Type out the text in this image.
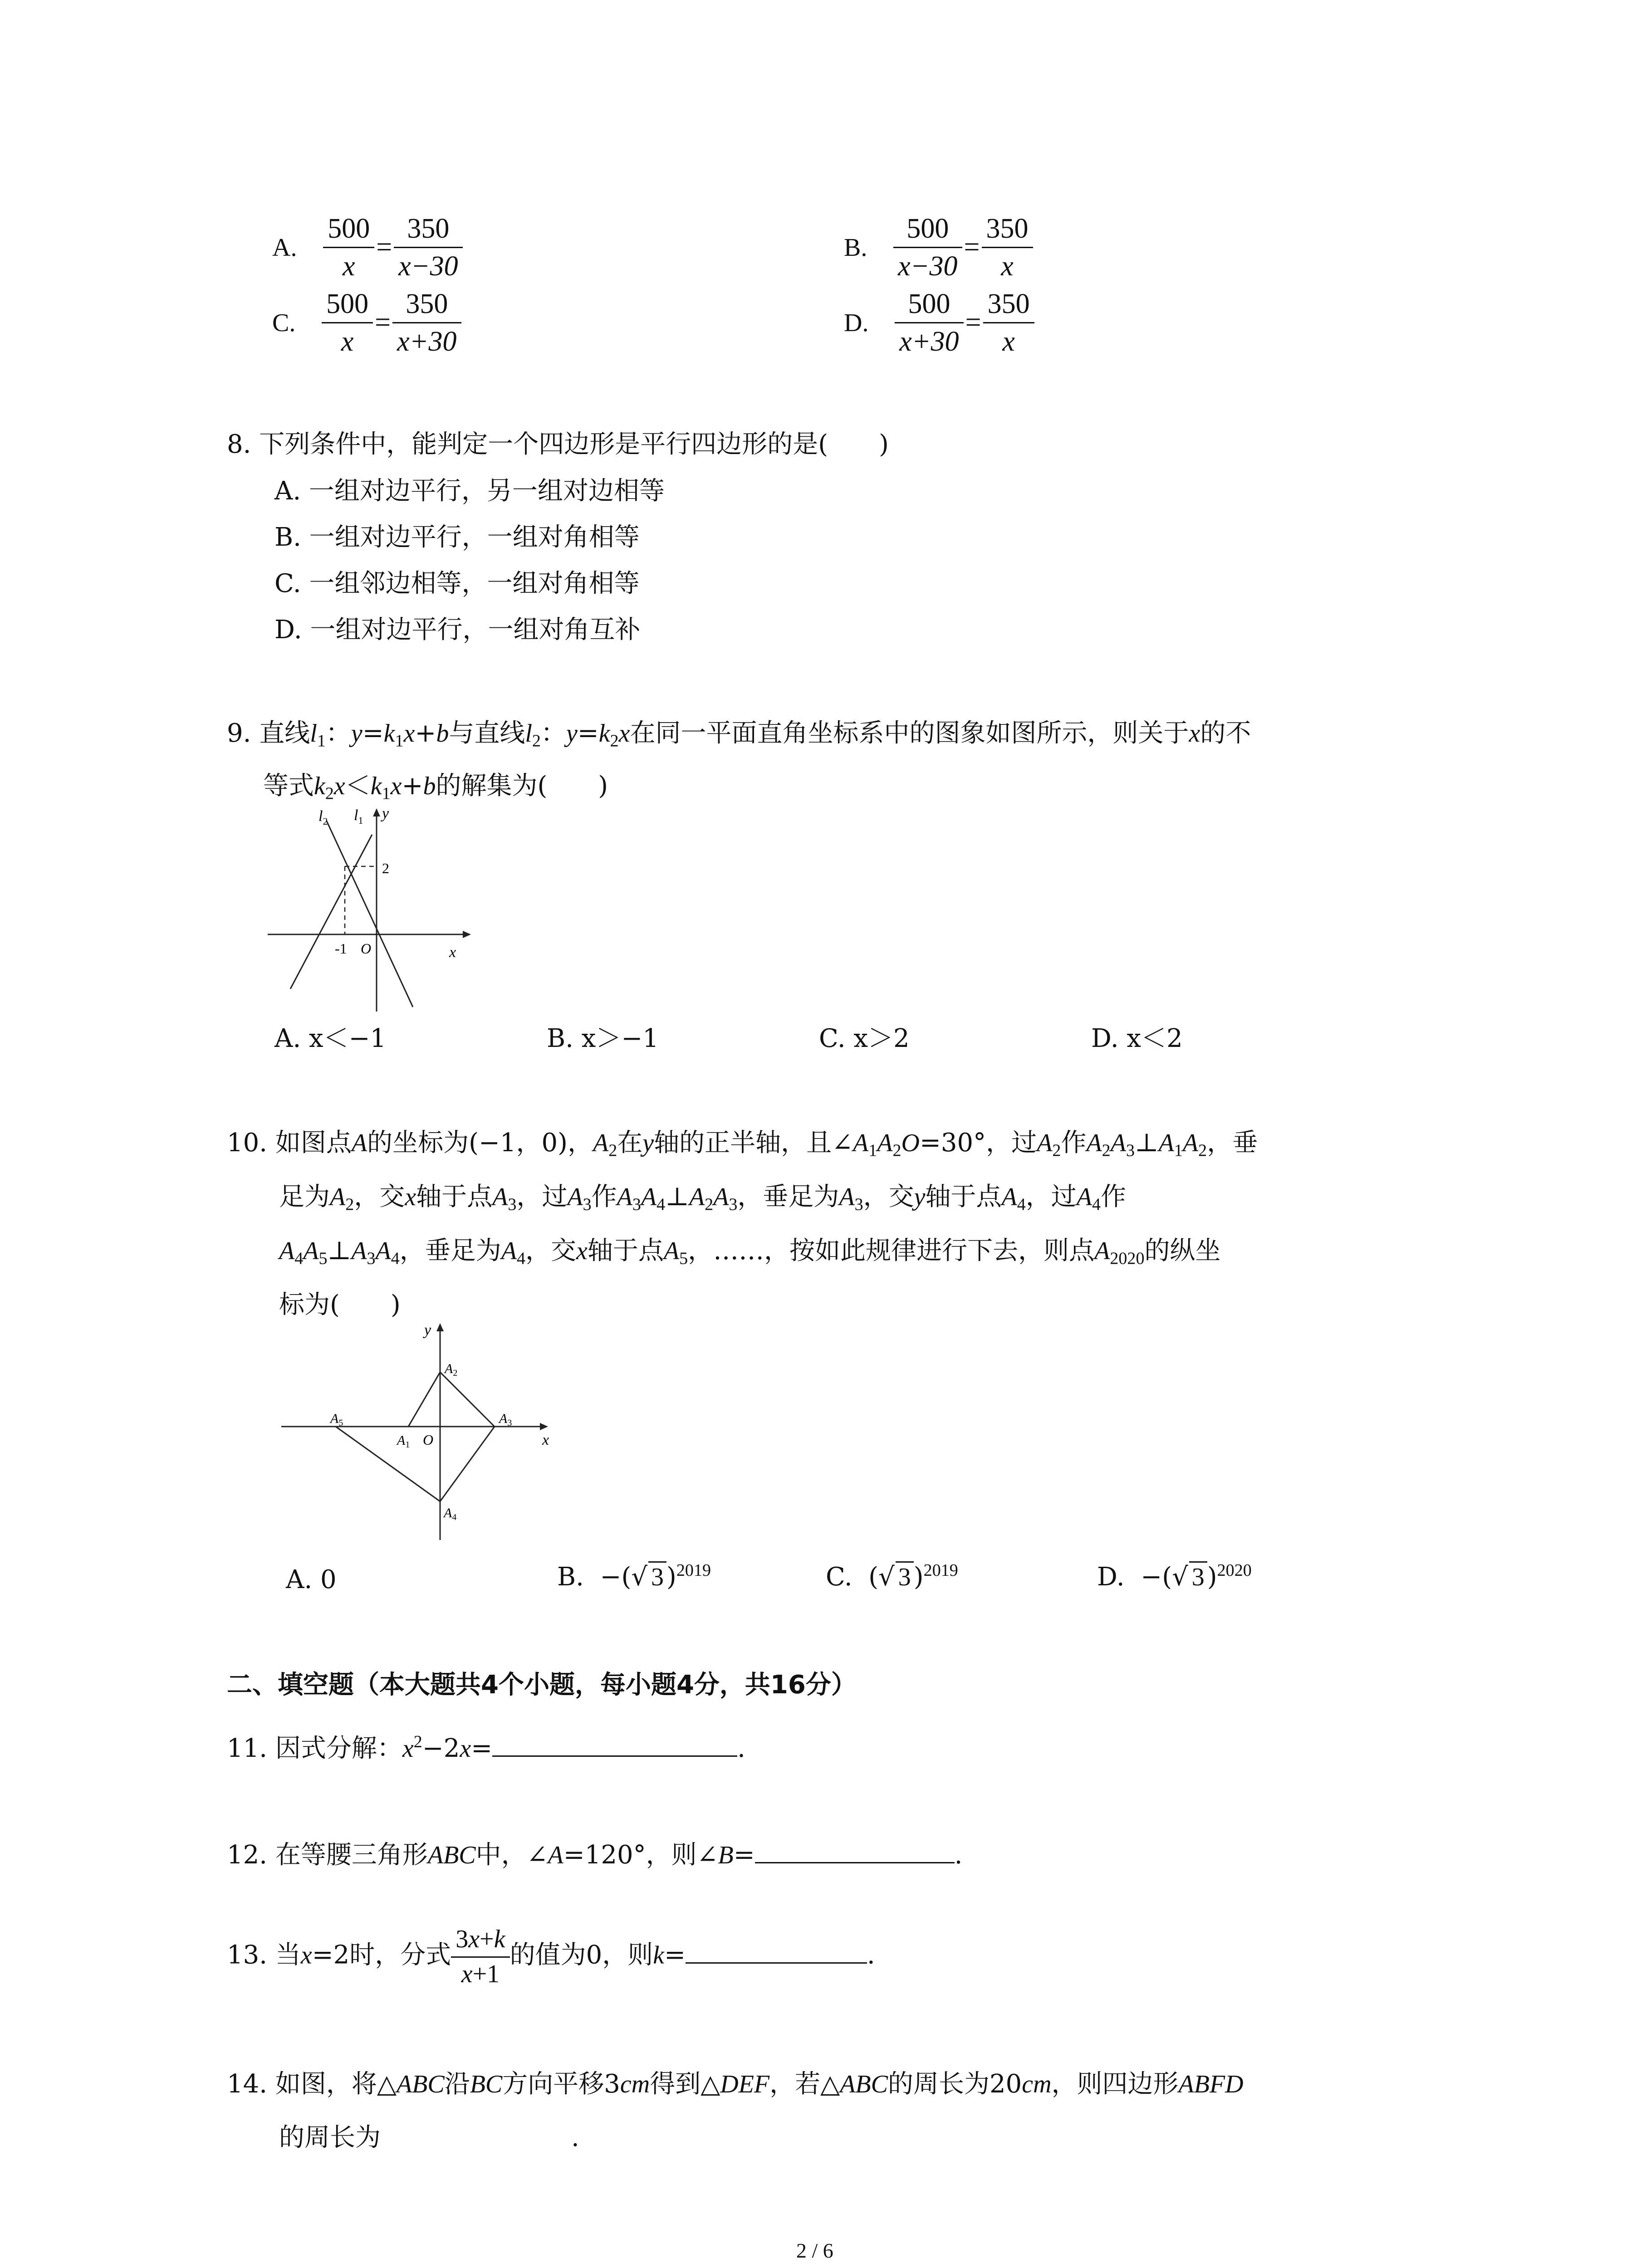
A. $\frac{500}{x} = \frac{350}{x-30}$	B. $\frac{500}{x-30} = \frac{350}{x}$
C. $\frac{500}{x} = \frac{350}{x+30}$	D. $\frac{500}{x+30} = \frac{350}{x}$
8. 下列条件中，能判定一个四边形是平行四边形的是(　　)
A. 一组对边平行，另一组对边相等
B. 一组对边平行，一组对角相等
C. 一组邻边相等，一组对角相等
D. 一组对边平行，一组对角互补
9. 直线$l_1$：$y=k_1x+b$与直线$l_2$：$y=k_2x$在同一平面直角坐标系中的图象如图所示，则关于x的不
等式$k_2x<k_1x+b$的解集为(　　)
$l_2$ $l_1$ y
2
-1 O	x
A. x＜−1	B. x＞−1	C. x＞2	D. x＜2
10. 如图点A的坐标为(−1，0)，$A_2$在y轴的正半轴，且$\angle A_1A_2O=30^\circ$，过$A_2$作$A_2A_3\perp A_1A_2$，垂
足为$A_2$，交x轴于点$A_3$，过$A_3$作$A_3A_4\perp A_2A_3$，垂足为$A_3$，交y轴于点$A_4$，过$A_4$作
$A_4A_5\perp A_3A_4$，垂足为$A_4$，交x轴于点$A_5$，……，按如此规律进行下去，则点$A_{2020}$的纵坐
标为(　　)
y
x
O
$A_2$
$A_1$
$A_3$
$A_5$
$A_4$
A. 0	B.  −(√ 3 )$^{2019}$	C.  (√ 3 )$^{2019}$	D.  −(√ 3 )$^{2020}$
二、填空题（本大题共4个小题，每小题4分，共16分）
11. 因式分解：$x^2-2x=$	.
12. 在等腰三角形ABC中，∠A=120°，则∠B=	.
13. 当x=2时，分式 $\frac{3x+k}{x+1}$ 的值为0，则k=	.
14. 如图，将△ABC沿BC方向平移3cm得到△DEF，若△ABC的周长为20cm，则四边形ABFD
的周长为	.
2 / 6
